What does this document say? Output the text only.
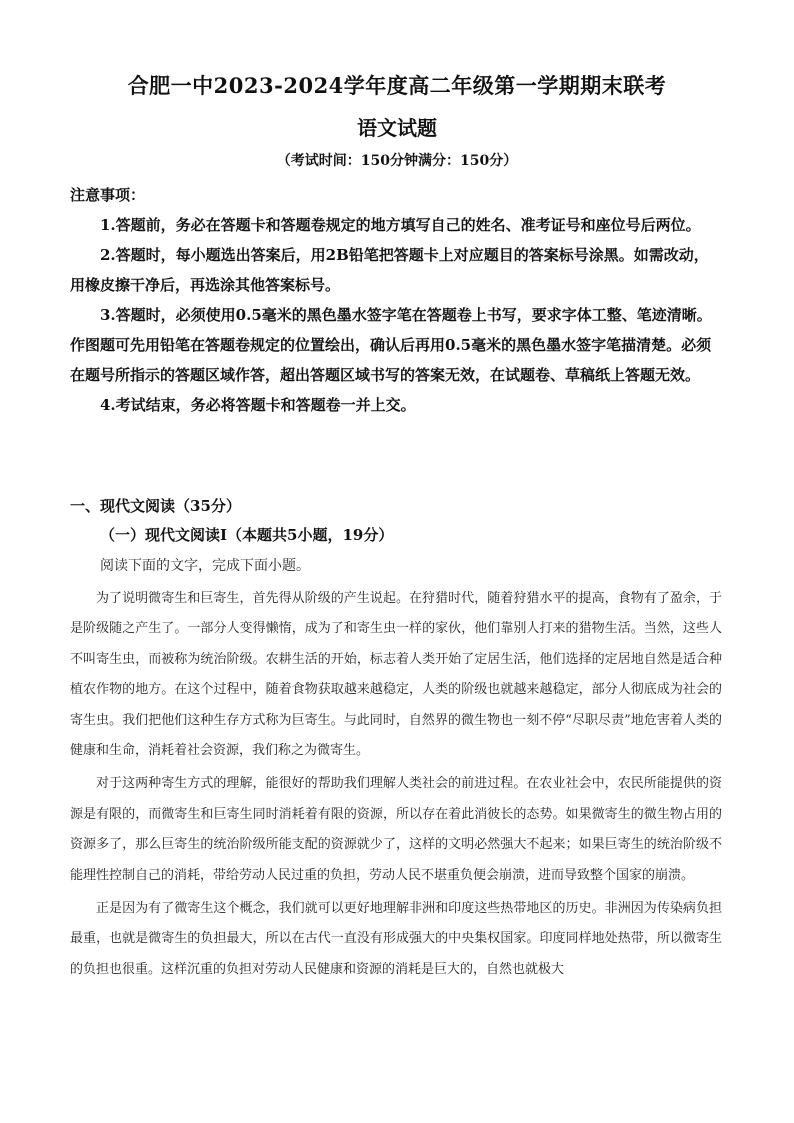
合肥一中2023-2024学年度高二年级第一学期期末联考
语文试题
（考试时间：150分钟满分：150分）
注意事项：

1.答题前，务必在答题卡和答题卷规定的地方填写自己的姓名、准考证号和座位号后两位。

2.答题时，每小题选出答案后，用2B铅笔把答题卡上对应题目的答案标号涂黑。如需改动，用橡皮擦干净后，再选涂其他答案标号。

3.答题时，必须使用0.5毫米的黑色墨水签字笔在答题卷上书写，要求字体工整、笔迹清晰。作图题可先用铅笔在答题卷规定的位置绘出，确认后再用0.5毫米的黑色墨水签字笔描清楚。必须在题号所指示的答题区域作答，超出答题区域书写的答案无效，在试题卷、草稿纸上答题无效。

4.考试结束，务必将答题卡和答题卷一并上交。

一、现代文阅读（35分）
（一）现代文阅读Ⅰ（本题共5小题，19分）
阅读下面的文字，完成下面小题。

为了说明微寄生和巨寄生，首先得从阶级的产生说起。在狩猎时代，随着狩猎水平的提高，食物有了盈余，于是阶级随之产生了。一部分人变得懒惰，成为了和寄生虫一样的家伙，他们靠别人打来的猎物生活。当然，这些人不叫寄生虫，而被称为统治阶级。农耕生活的开始，标志着人类开始了定居生活，他们选择的定居地自然是适合种植农作物的地方。在这个过程中，随着食物获取越来越稳定，人类的阶级也就越来越稳定，部分人彻底成为社会的寄生虫。我们把他们这种生存方式称为巨寄生。与此同时，自然界的微生物也一刻不停“尽职尽责”地危害着人类的健康和生命，消耗着社会资源，我们称之为微寄生。

对于这两种寄生方式的理解，能很好的帮助我们理解人类社会的前进过程。在农业社会中，农民所能提供的资源是有限的，而微寄生和巨寄生同时消耗着有限的资源，所以存在着此消彼长的态势。如果微寄生的微生物占用的资源多了，那么巨寄生的统治阶级所能支配的资源就少了，这样的文明必然强大不起来；如果巨寄生的统治阶级不能理性控制自己的消耗，带给劳动人民过重的负担，劳动人民不堪重负便会崩溃，进而导致整个国家的崩溃。

正是因为有了微寄生这个概念，我们就可以更好地理解非洲和印度这些热带地区的历史。非洲因为传染病负担最重，也就是微寄生的负担最大，所以在古代一直没有形成强大的中央集权国家。印度同样地处热带，所以微寄生的负担也很重。这样沉重的负担对劳动人民健康和资源的消耗是巨大的，自然也就极大
